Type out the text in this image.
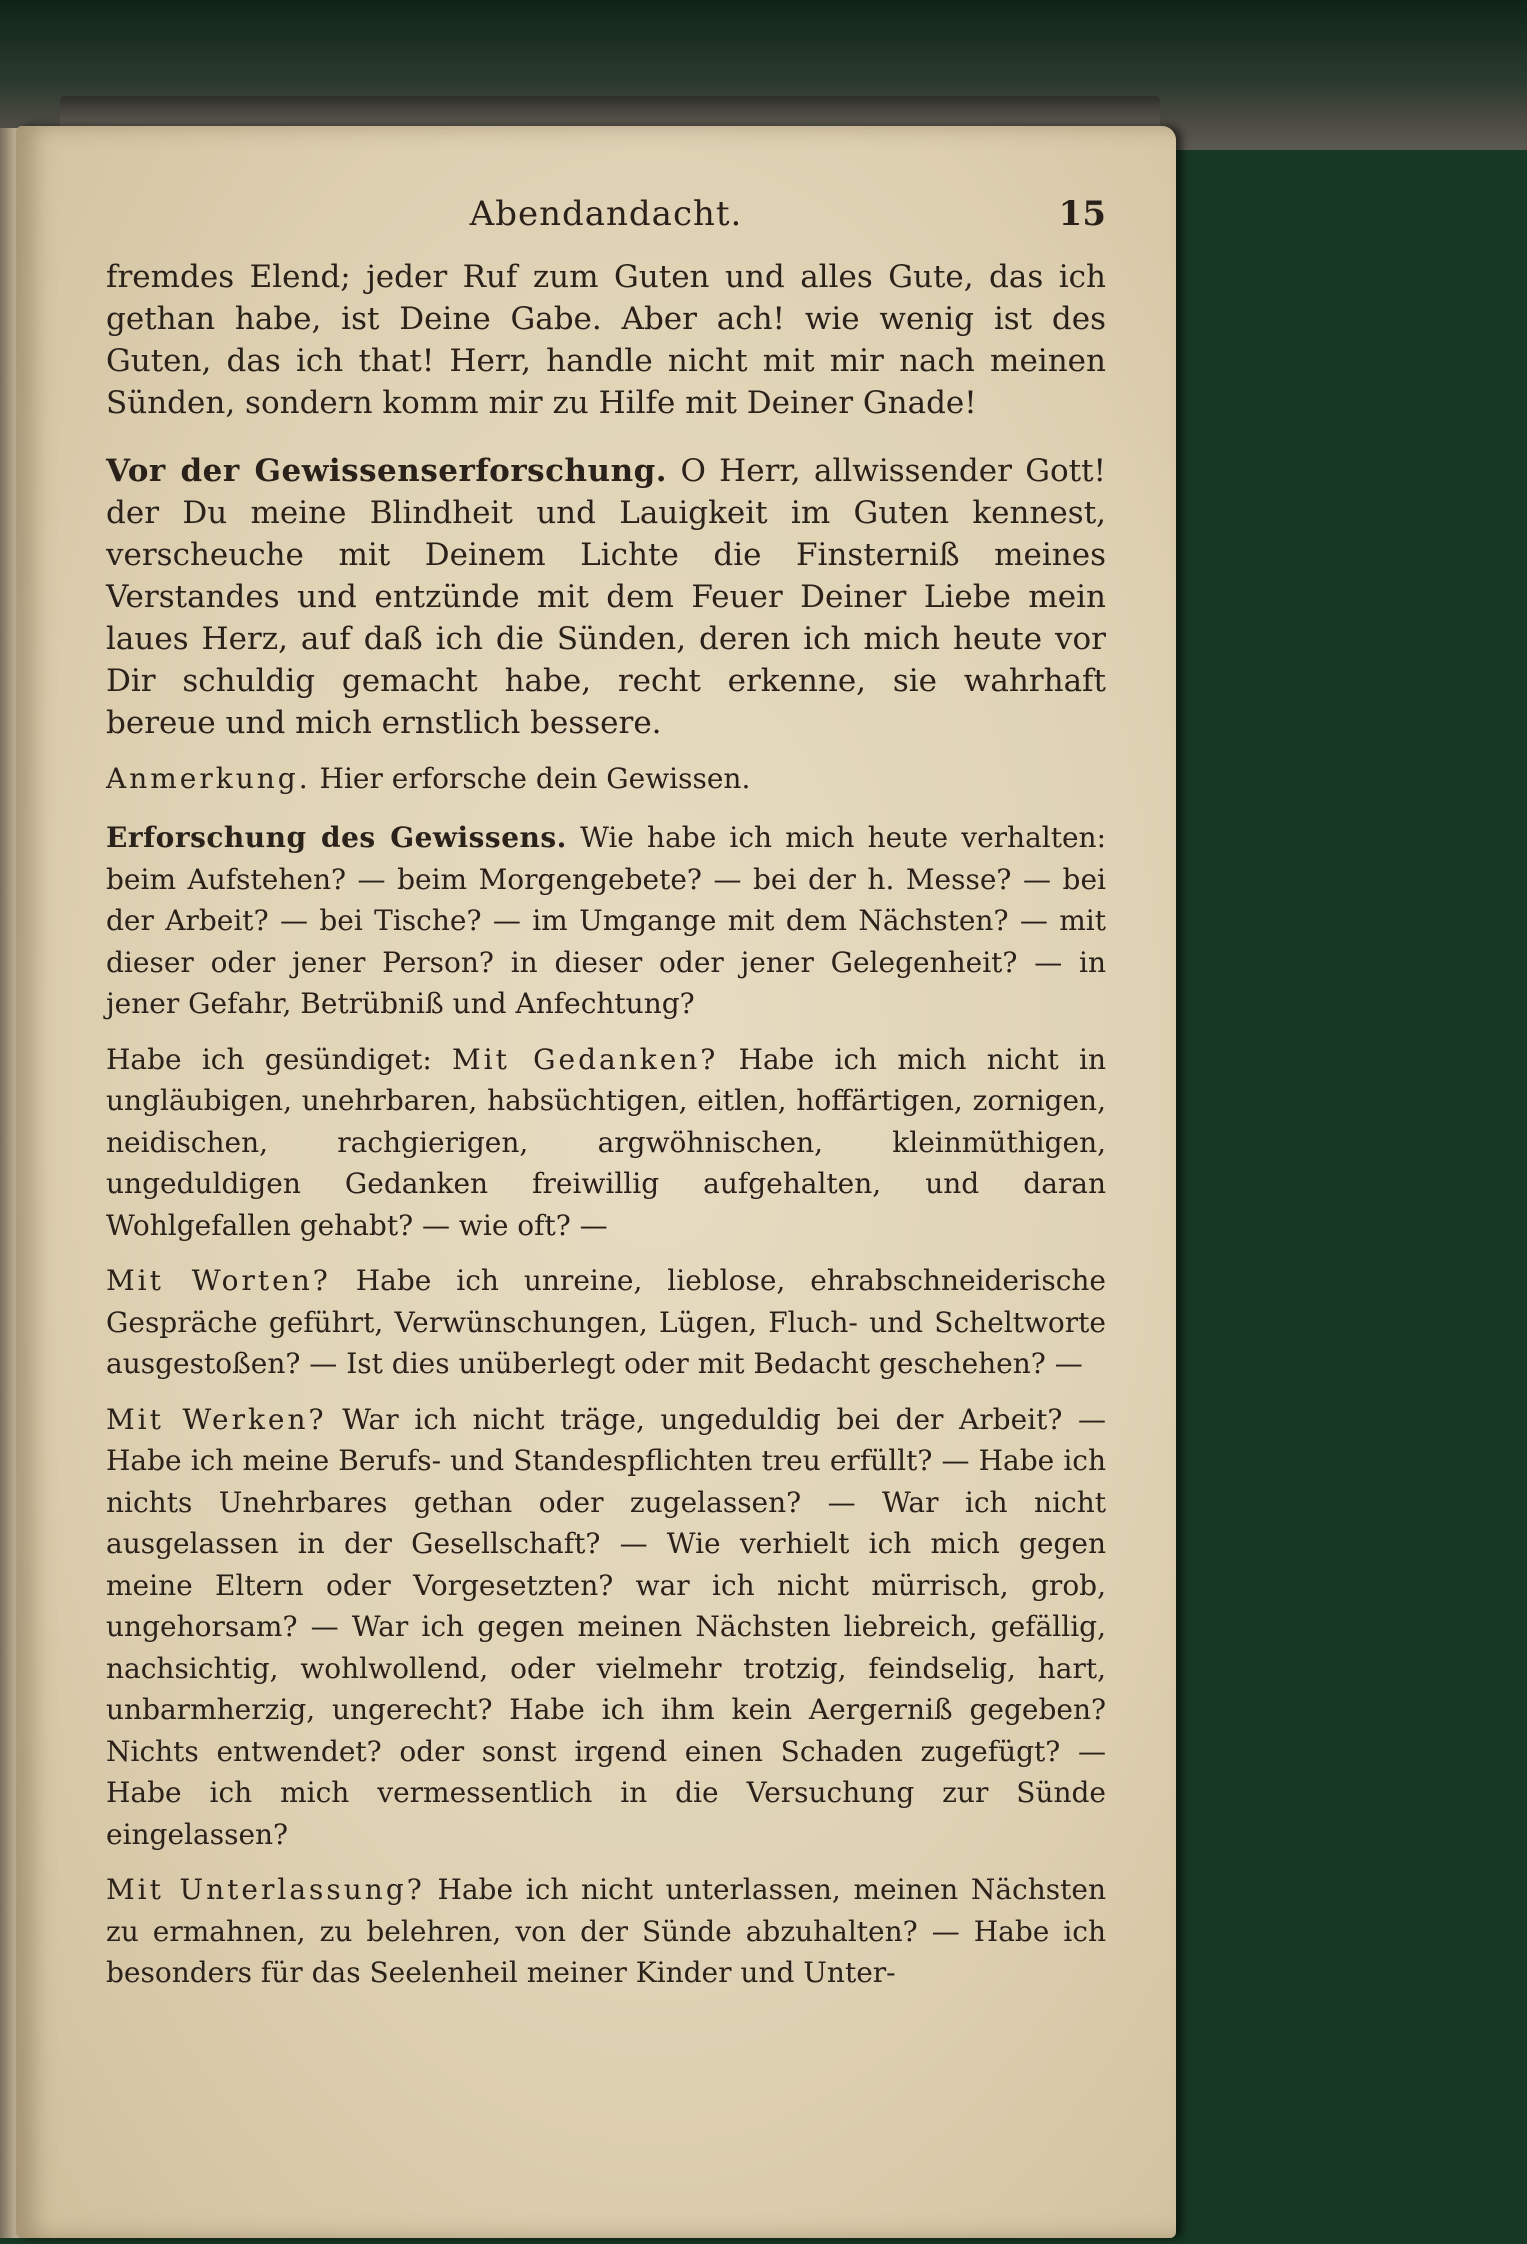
Abendandacht.	15

fremdes Elend; jeder Ruf zum Guten und alles Gute, das ich gethan habe, ist Deine Gabe. Aber ach! wie wenig ist des Guten, das ich that! Herr, handle nicht mit mir nach meinen Sünden, sondern komm mir zu Hilfe mit Deiner Gnade!

Vor der Gewissenserforschung. O Herr, allwissender Gott! der Du meine Blindheit und Lauigkeit im Guten kennest, verscheuche mit Deinem Lichte die Finsterniß meines Verstandes und entzünde mit dem Feuer Deiner Liebe mein laues Herz, auf daß ich die Sünden, deren ich mich heute vor Dir schuldig gemacht habe, recht erkenne, sie wahrhaft bereue und mich ernstlich bessere.

Anmerkung. Hier erforsche dein Gewissen.

Erforschung des Gewissens. Wie habe ich mich heute verhalten: beim Aufstehen? — beim Morgengebete? — bei der h. Messe? — bei der Arbeit? — bei Tische? — im Umgange mit dem Nächsten? — mit dieser oder jener Person? in dieser oder jener Gelegenheit? — in jener Gefahr, Betrübniß und Anfechtung?

Habe ich gesündiget: Mit Gedanken? Habe ich mich nicht in ungläubigen, unehrbaren, habsüchtigen, eitlen, hoffärtigen, zornigen, neidischen, rachgierigen, argwöhnischen, kleinmüthigen, ungeduldigen Gedanken freiwillig aufgehalten, und daran Wohlgefallen gehabt? — wie oft? —

Mit Worten? Habe ich unreine, lieblose, ehrabschneiderische Gespräche geführt, Verwünschungen, Lügen, Fluch- und Scheltworte ausgestoßen? — Ist dies unüberlegt oder mit Bedacht geschehen? —

Mit Werken? War ich nicht träge, ungeduldig bei der Arbeit? — Habe ich meine Berufs- und Standespflichten treu erfüllt? — Habe ich nichts Unehrbares gethan oder zugelassen? — War ich nicht ausgelassen in der Gesellschaft? — Wie verhielt ich mich gegen meine Eltern oder Vorgesetzten? war ich nicht mürrisch, grob, ungehorsam? — War ich gegen meinen Nächsten liebreich, gefällig, nachsichtig, wohlwollend, oder vielmehr trotzig, feindselig, hart, unbarmherzig, ungerecht? Habe ich ihm kein Aergerniß gegeben? Nichts entwendet? oder sonst irgend einen Schaden zugefügt? — Habe ich mich vermessentlich in die Versuchung zur Sünde eingelassen?

Mit Unterlassung? Habe ich nicht unterlassen, meinen Nächsten zu ermahnen, zu belehren, von der Sünde abzuhalten? — Habe ich besonders für das Seelenheil meiner Kinder und Unter-
